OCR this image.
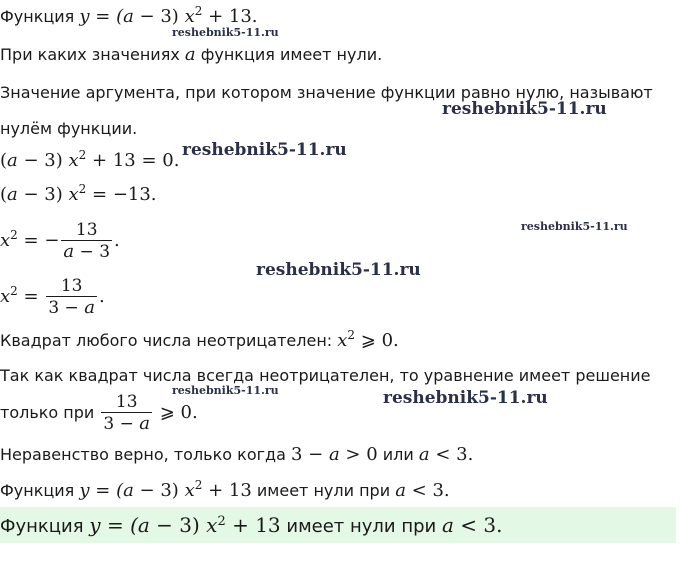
Функция y = (a − 3) $x^2 + 13$.
При каких значениях a функция имеет нули.
Значение аргумента, при котором значение функции равно нулю, называют
нулём функции.
(a − 3) $x^2 + 13 = 0$.
(a − 3) $x^2 = -13$.
$x^2$ = − $\frac{13}{a - 3}$ .
$x^2 = \frac{13}{3 - a}$ .
Квадрат любого числа неотрицателен: $x^2$ ⩾ 0.
Так как квадрат числа всегда неотрицателен, то уравнение имеет решение
только при $\frac{13}{3 - a}$ ⩾ 0.
Неравенство верно, только когда 3 − a > 0 или a < 3.
Функция y = (a − 3) $x^2 + 13$ имеет нули при a < 3.
Функция y = (a − 3) $x^2 + 13$ имеет нули при a < 3.
reshebnik5-11.ru
reshebnik5-11.ru
reshebnik5-11.ru
reshebnik5-11.ru
reshebnik5-11.ru
reshebnik5-11.ru	reshebnik5-11.ru
